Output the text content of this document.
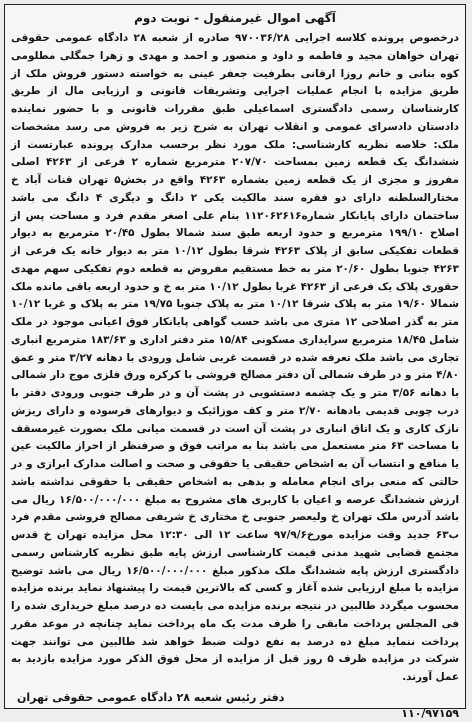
آگهی اموال غیرمنقول - نوبت دوم

درخصوص پرونده کلاسه اجرایی ۹۷۰۰۳۶/۲۸ صادره از شعبه ۲۸ دادگاه عمومی حقوقی تهران خواهان مجید و فاطمه و داود و منصور و احمد و مهدی و زهرا جمگلی مطلومی کوه بنانی و خانم روزا ارقانی بطرفیت جعفر عینی به خواسته دستور فروش ملک از طریق مزایده با انجام عملیات اجرایی وتشریفات قانونی و ارزیابی مال از طریق کارشناسان رسمی دادگستری اسماعیلی طبق مقررات قانونی و با حضور نماینده دادستان دادسرای عمومی و انقلاب تهران به شرح زیر به فروش می رسد مشخصات ملک: خلاصه نظریه کارشناسی: ملک مورد نظر برحسب مدارک پرونده عبارتست از ششدانگ یک قطعه زمین بمساحت ۲۰۷/۷۰ مترمربع شماره ۲ فرعی از ۴۲۶۳ اصلی مفروز و مجزی از یک قطعه زمین بشماره ۴۲۶۳ واقع در بخش۵ تهران قنات آباد خ مختارالسلطنه دارای دو فقره سند مالکیت یکی ۲ دانگ و دیگری ۴ دانگ می باشد ساختمان دارای پایانکار شماره۱۱۲۰۶۲۶۱۶ بنام علی اصغر مقدم فرد و مساحت پس از اصلاح ۱۹۹/۱۰ مترمربع و حدود اربعه طبق سند شمالا بطول ۲۰/۴۵ مترمربع به دیوار قطعات تفکیکی سابق از پلاک ۴۲۶۳ شرقا بطول ۱۰/۱۲ متر به دیوار خانه یک فرعی از ۴۲۶۳ جنوبا بطول ۲۰/۶۰ متر به خط مستقیم مفروض به قطعه دوم تفکیکی سهم مهدی حقوری پلاک یک فرعی از ۴۲۶۳ غربا بطول ۱۰/۱۲ متر به خ و حدود اربعه باقی مانده ملک شمالا ۱۹/۶۰ متر به پلاک شرقا ۱۰/۱۲ متر به پلاک جنوبا ۱۹/۷۵ متر به پلاک و غربا ۱۰/۱۲ متر به گذر اصلاحی ۱۲ متری می باشد حسب گواهی پایانکار فوق اعیانی موجود در ملک شامل ۱۸/۴۵ مترمربع سرایداری مسکونی ۱۵/۸۴ متر دفتر اداری و ۱۸۳/۶۳ مترمربع انباری تجاری می باشد ملک تعرفه شده در قسمت غربی شامل ورودی با دهانه ۳/۲۷ متر و عمق ۴/۸۰ متر و در طرف شمالی آن دفتر مصالح فروشی با کرکره ورق فلزی موج دار شمالی با دهانه ۳/۵۶ متر و یک چشمه دستشویی در پشت آن و در طرف جنوبی ورودی دفتر با درب چوبی قدیمی بادهانه ۲/۷۰ متر و کف موزائیک و دیوارهای فرسوده و دارای ریزش نازک کاری و یک اتاق انباری در پشت آن است در قسمت میانی ملک بصورت غیرمسقف با مساحت ۶۳ متر مستعمل می باشد بنا به مراتب فوق و صرفنظر از احراز مالکیت عین یا منافع و انتساب آن به اشخاص حقیقی یا حقوقی و صحت و اصالت مدارک ابرازی و در حالتی که منعی برای انجام معامله و بدهی به اشخاص حقیقی یا حقوقی نداشته باشد ارزش ششدانگ عرصه و اعیان با کاربری های مشروح به مبلغ ۱۶/۵۰۰/۰۰۰/۰۰۰ ریال می باشد آدرس ملک تهران خ ولیعصر جنوبی خ مختاری خ شریفی مصالح فروشی مقدم فرد ب۶۳ جدید وقت مزایده مورخ۹۷/۹/۶ ساعت ۱۲ الی ۱۲:۳۰ محل مزایده تهران خ قدس مجتمع قضایی شهید مدنی قیمت کارشناسی ارزش پایه طبق نظریه کارشناس رسمی دادگستری ارزش پایه ششدانگ ملک مذکور مبلغ ۱۶/۵۰۰/۰۰۰/۰۰۰ ریال می باشد توضیح مزایده با مبلغ ارزیابی شده آغاز و کسی که بالاترین قیمت را پیشنهاد نماید برنده مزایده محسوب میگردد طالبین در نتیجه برنده مزایده می بایست ده درصد مبلغ خریداری شده را فی المجلس پرداخت مابقی را ظرف مدت یک ماه پرداخت نماید چنانچه در موعد مقرر پرداخت ننماید مبلغ ده درصد به نفع دولت ضبط خواهد شد طالبین می توانند جهت شرکت در مزایده ظرف ۵ روز قبل از مزایده از محل فوق الذکر مورد مزایده بازدید به عمل آورند.

دفتر رئیس شعبه ۲۸ دادگاه عمومی حقوقی تهران
۱۱۰/۹۷۱۵۹
